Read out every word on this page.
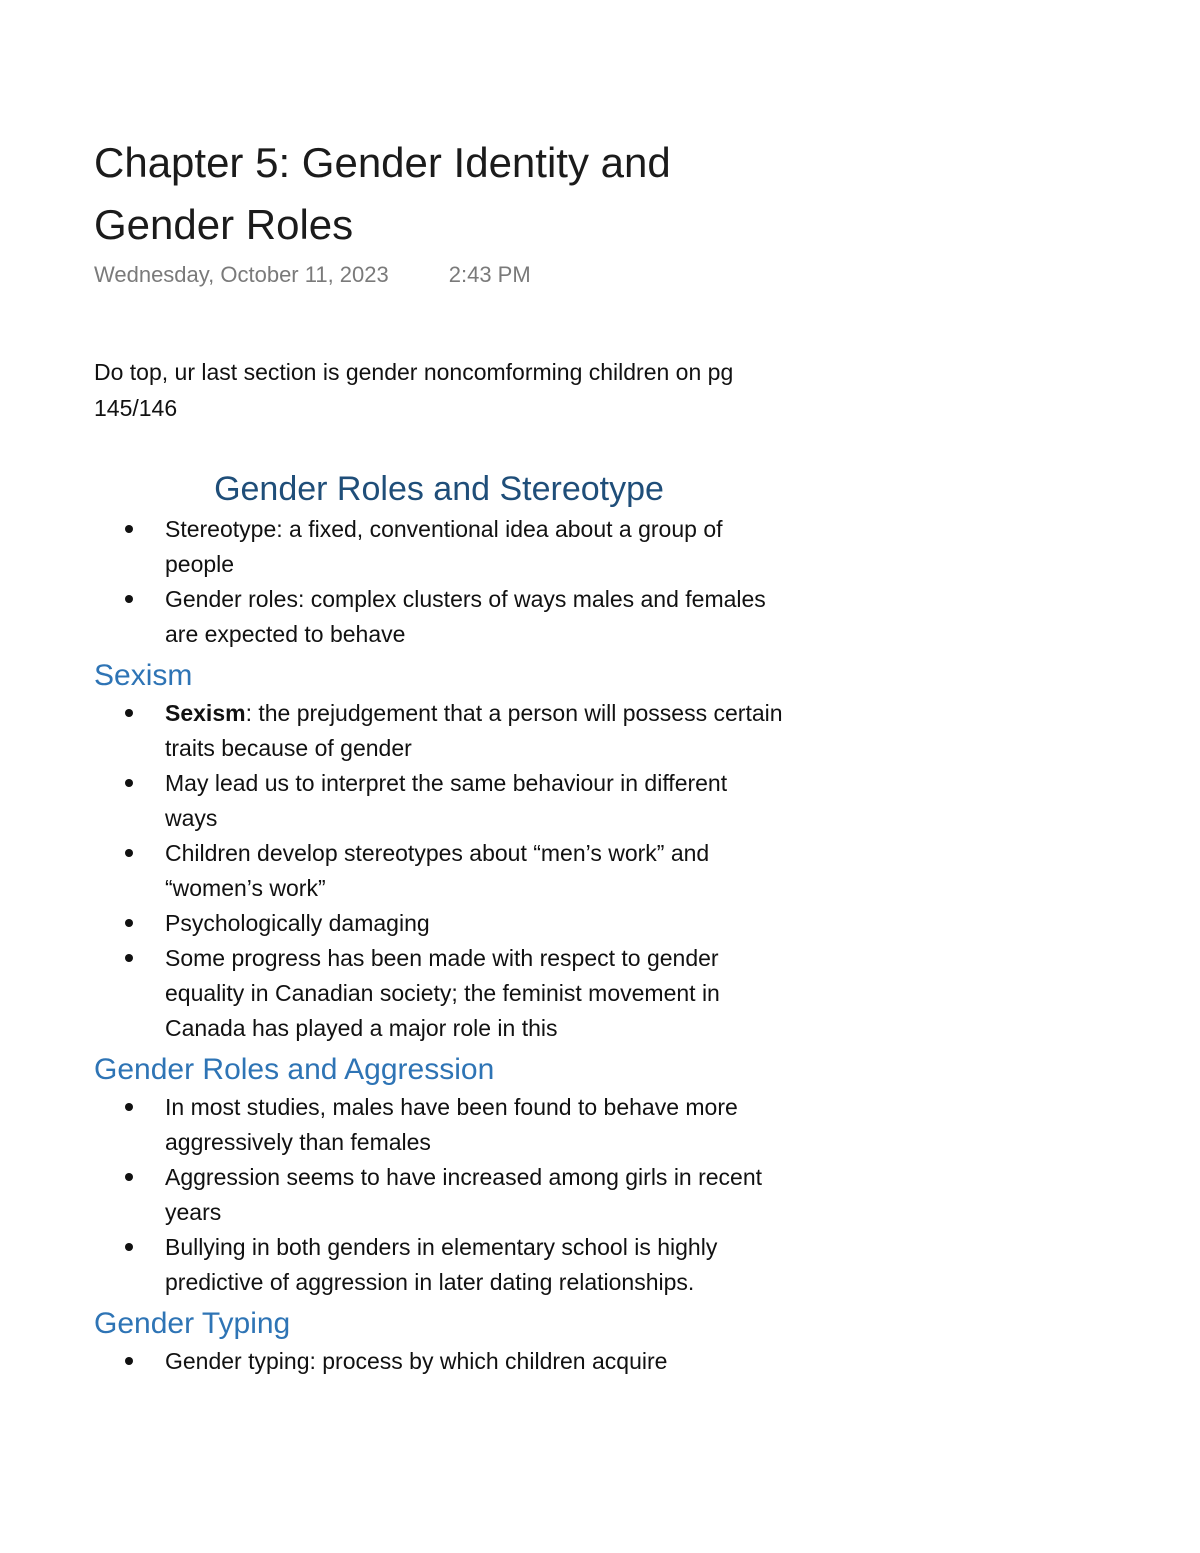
Chapter 5: Gender Identity and Gender Roles
Wednesday, October 11, 2023	2:43 PM
Do top, ur last section is gender noncomforming children on pg 145/146
Gender Roles and Stereotype
Stereotype: a fixed, conventional idea about a group of people
Gender roles: complex clusters of ways males and females are expected to behave
Sexism
Sexism: the prejudgement that a person will possess certain traits because of gender
May lead us to interpret the same behaviour in different ways
Children develop stereotypes about “men’s work” and “women’s work”
Psychologically damaging
Some progress has been made with respect to gender equality in Canadian society; the feminist movement in Canada has played a major role in this
Gender Roles and Aggression
In most studies, males have been found to behave more aggressively than females
Aggression seems to have increased among girls in recent years
Bullying in both genders in elementary school is highly predictive of aggression in later dating relationships.
Gender Typing
Gender typing: process by which children acquire
